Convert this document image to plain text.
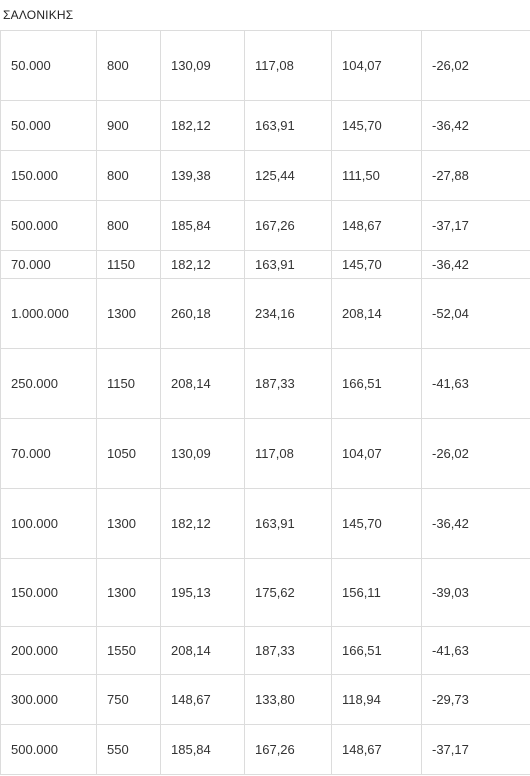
ΣΑΛΟΝΙΚΗΣ						
	50.000	800	130,09	117,08	104,07	-26,02
	50.000	900	182,12	163,91	145,70	-36,42
	150.000	800	139,38	125,44	111,50	-27,88
	500.000	800	185,84	167,26	148,67	-37,17
	70.000	1150	182,12	163,91	145,70	-36,42
	1.000.000	1300	260,18	234,16	208,14	-52,04
	250.000	1150	208,14	187,33	166,51	-41,63
	70.000	1050	130,09	117,08	104,07	-26,02
	100.000	1300	182,12	163,91	145,70	-36,42
	150.000	1300	195,13	175,62	156,11	-39,03
	200.000	1550	208,14	187,33	166,51	-41,63
	300.000	750	148,67	133,80	118,94	-29,73
	500.000	550	185,84	167,26	148,67	-37,17
